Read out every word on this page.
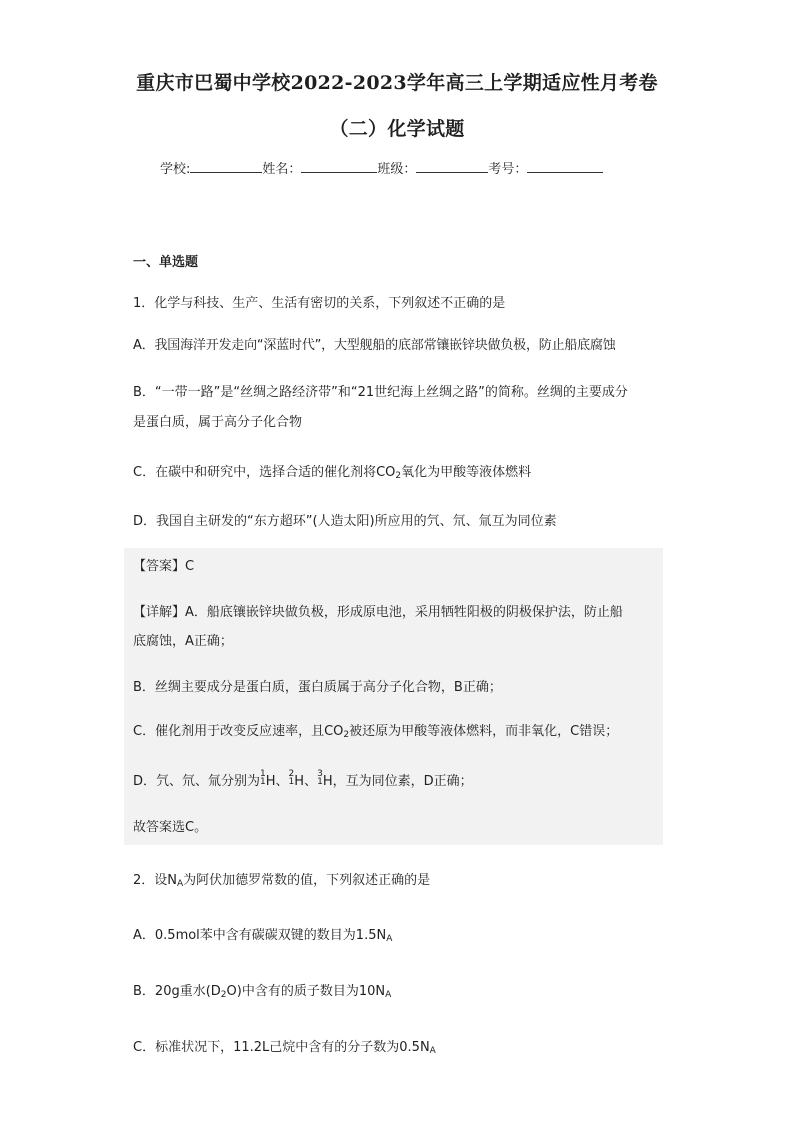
重庆市巴蜀中学校2022-2023学年高三上学期适应性月考卷
（二）化学试题
学校:	姓名：	班级：	考号：
一、单选题
1．化学与科技、生产、生活有密切的关系，下列叙述不正确的是
A．我国海洋开发走向“深蓝时代”，大型舰船的底部常镶嵌锌块做负极，防止船底腐蚀
B．“一带一路”是“丝绸之路经济带”和“21世纪海上丝绸之路”的简称。丝绸的主要成分
是蛋白质，属于高分子化合物
C．在碳中和研究中，选择合适的催化剂将$CO_2$氧化为甲酸等液体燃料
D．我国自主研发的“东方超环”(人造太阳)所应用的氕、氘、氚互为同位素
【答案】C
【详解】A．船底镶嵌锌块做负极，形成原电池，采用牺牲阳极的阴极保护法，防止船
底腐蚀，A正确；
B．丝绸主要成分是蛋白质，蛋白质属于高分子化合物，B正确；
C．催化剂用于改变反应速率，且$CO_2$被还原为甲酸等液体燃料，而非氧化，C错误；
D．氕、氘、氚分别为1
1H、2
1H、3
1H，互为同位素，D正确；
故答案选C。
2．设$N_A$为阿伏加德罗常数的值，下列叙述正确的是
A．0.5mol苯中含有碳碳双键的数目为$1.5N_A$
B．20g重水$(D_2O)$中含有的质子数目为$10N_A$
C．标准状况下，11.2L己烷中含有的分子数为$0.5N_A$
